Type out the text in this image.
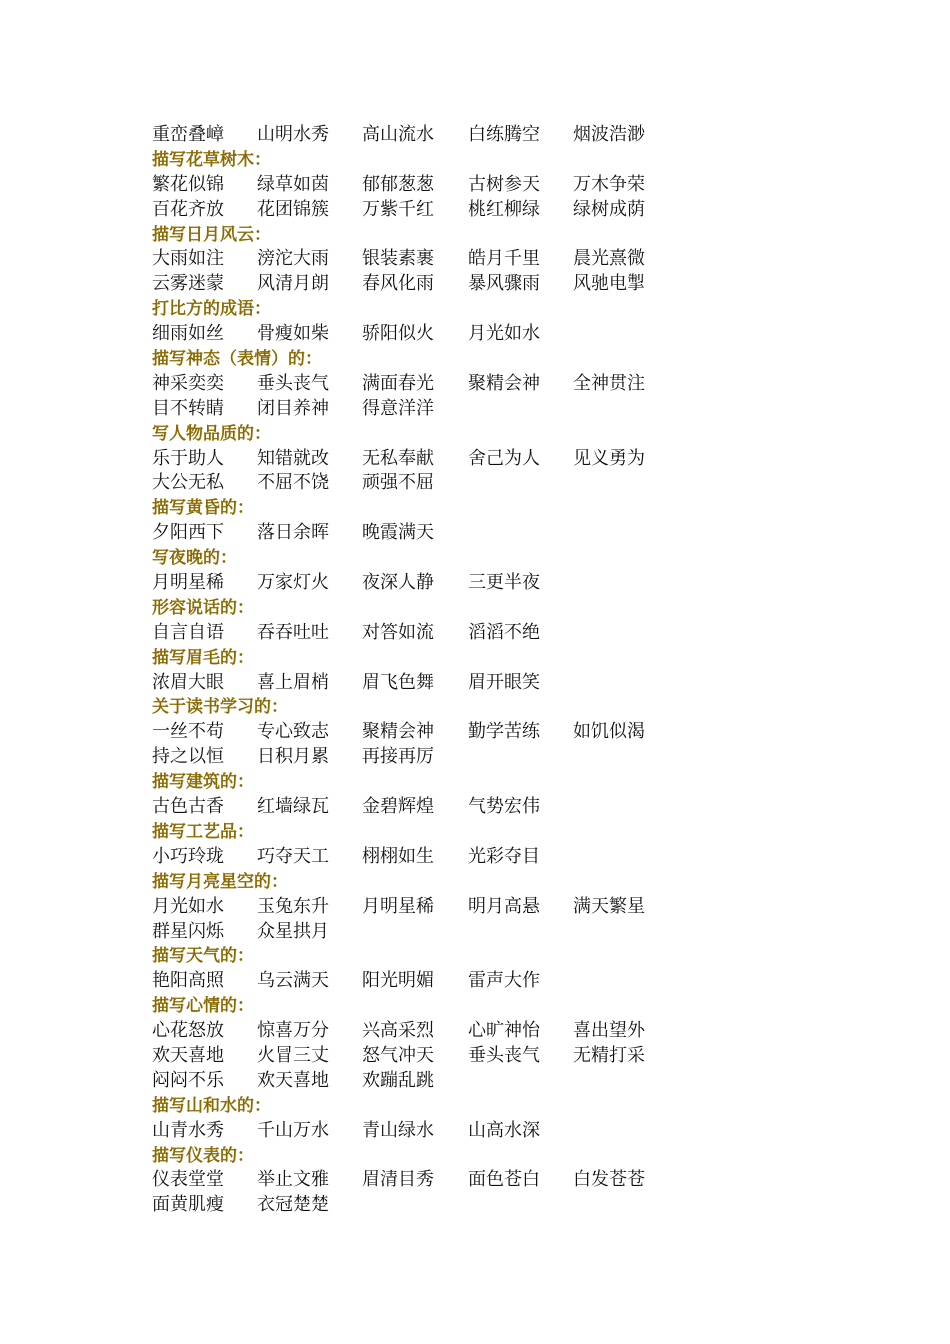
重峦叠嶂 山明水秀 高山流水 白练腾空 烟波浩渺
描写花草树木：
繁花似锦 绿草如茵 郁郁葱葱 古树参天 万木争荣
百花齐放 花团锦簇 万紫千红 桃红柳绿 绿树成荫
描写日月风云：
大雨如注 滂沱大雨 银装素裹 皓月千里 晨光熹微
云雾迷蒙 风清月朗 春风化雨 暴风骤雨 风驰电掣
打比方的成语：
细雨如丝 骨瘦如柴 骄阳似火 月光如水
描写神态（表情）的：
神采奕奕 垂头丧气 满面春光 聚精会神 全神贯注
目不转睛 闭目养神 得意洋洋
写人物品质的：
乐于助人 知错就改 无私奉献 舍己为人 见义勇为
大公无私 不屈不饶 顽强不屈
描写黄昏的：
夕阳西下 落日余晖 晚霞满天
写夜晚的：
月明星稀 万家灯火 夜深人静 三更半夜
形容说话的：
自言自语 吞吞吐吐 对答如流 滔滔不绝
描写眉毛的：
浓眉大眼 喜上眉梢 眉飞色舞 眉开眼笑
关于读书学习的：
一丝不苟 专心致志 聚精会神 勤学苦练 如饥似渴
持之以恒 日积月累 再接再厉
描写建筑的：
古色古香 红墙绿瓦 金碧辉煌 气势宏伟
描写工艺品：
小巧玲珑 巧夺天工 栩栩如生 光彩夺目
描写月亮星空的：
月光如水 玉兔东升 月明星稀 明月高悬 满天繁星
群星闪烁 众星拱月
描写天气的：
艳阳高照 乌云满天 阳光明媚 雷声大作
描写心情的：
心花怒放 惊喜万分 兴高采烈 心旷神怡 喜出望外
欢天喜地 火冒三丈 怒气冲天 垂头丧气 无精打采
闷闷不乐 欢天喜地 欢蹦乱跳
描写山和水的：
山青水秀 千山万水 青山绿水 山高水深
描写仪表的：
仪表堂堂 举止文雅 眉清目秀 面色苍白 白发苍苍
面黄肌瘦 衣冠楚楚
